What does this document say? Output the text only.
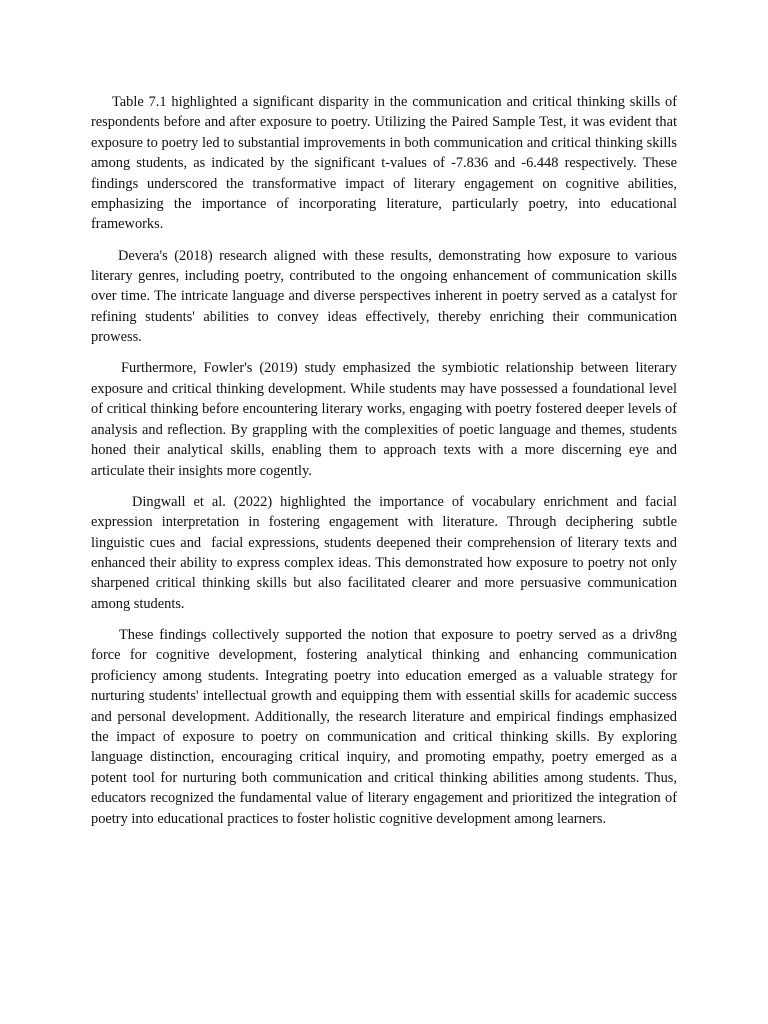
Table 7.1 highlighted a significant disparity in the communication and critical thinking skills of respondents before and after exposure to poetry. Utilizing the Paired Sample Test, it was evident that exposure to poetry led to substantial improvements in both communication and critical thinking skills among students, as indicated by the significant t-values of -7.836 and -6.448 respectively. These findings underscored the transformative impact of literary engagement on cognitive abilities, emphasizing the importance of incorporating literature, particularly poetry, into educational frameworks.

Devera's (2018) research aligned with these results, demonstrating how exposure to various literary genres, including poetry, contributed to the ongoing enhancement of communication skills over time. The intricate language and diverse perspectives inherent in poetry served as a catalyst for refining students' abilities to convey ideas effectively, thereby enriching their communication prowess.

Furthermore, Fowler's (2019) study emphasized the symbiotic relationship between literary exposure and critical thinking development. While students may have possessed a foundational level of critical thinking before encountering literary works, engaging with poetry fostered deeper levels of analysis and reflection. By grappling with the complexities of poetic language and themes, students honed their analytical skills, enabling them to approach texts with a more discerning eye and articulate their insights more cogently.

Dingwall et al. (2022) highlighted the importance of vocabulary enrichment and facial expression interpretation in fostering engagement with literature. Through deciphering subtle linguistic cues and  facial expressions, students deepened their comprehension of literary texts and enhanced their ability to express complex ideas. This demonstrated how exposure to poetry not only sharpened critical thinking skills but also facilitated clearer and more persuasive communication among students.

These findings collectively supported the notion that exposure to poetry served as a driv8ng force for cognitive development, fostering analytical thinking and enhancing communication proficiency among students. Integrating poetry into education emerged as a valuable strategy for nurturing students' intellectual growth and equipping them with essential skills for academic success and personal development. Additionally, the research literature and empirical findings emphasized the impact of exposure to poetry on communication and critical thinking skills. By exploring language distinction, encouraging critical inquiry, and promoting empathy, poetry emerged as a potent tool for nurturing both communication and critical thinking abilities among students. Thus, educators recognized the fundamental value of literary engagement and prioritized the integration of poetry into educational practices to foster holistic cognitive development among learners.
